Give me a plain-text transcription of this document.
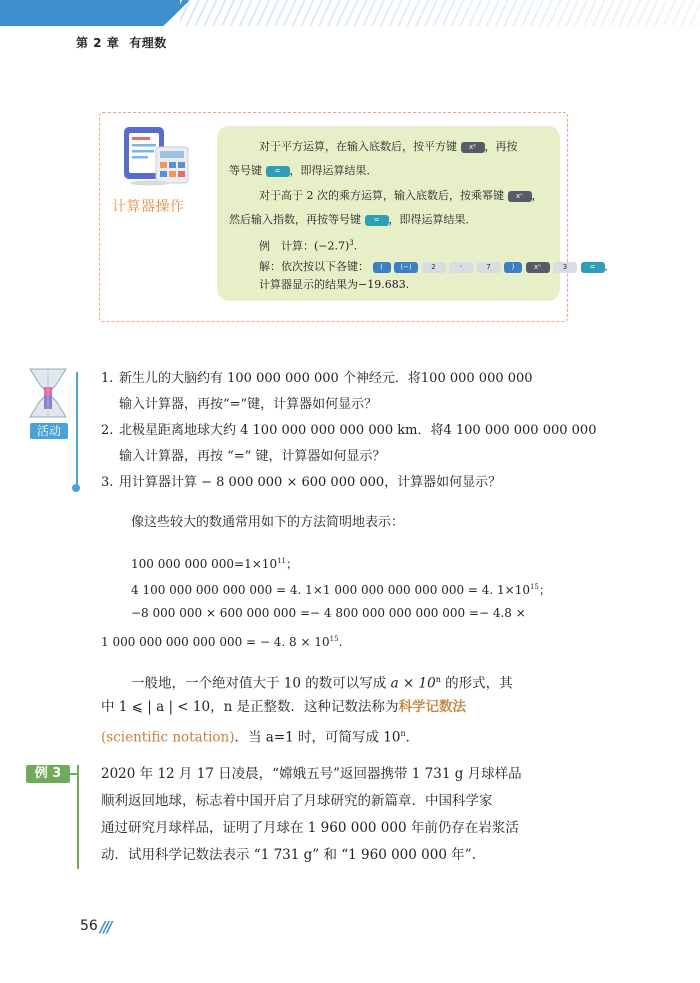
第 2 章 有理数
计算器操作
对于平方运算，在输入底数后，按平方键 x² ，再按
等号键 = ，即得运算结果．
对于高于 2 次的乘方运算，输入底数后，按乘幂键 xⁿ ，
然后输入指数，再按等号键 = ，即得运算结果．
例　计算：$(-2.7)^3$.
解：依次按以下各键： ( (−)	2	·	7	)	xⁿ	3	= ．
计算器显示的结果为−19.683.
活动
1. 新生儿的大脑约有 100 000 000 000 个神经元．将100 000 000 000
输入计算器，再按“=”键，计算器如何显示？
2. 北极星距离地球大约 4 100 000 000 000 000 km．将4 100 000 000 000 000
输入计算器，再按 “=” 键，计算器如何显示？
3. 用计算器计算 − 8 000 000 × 600 000 000，计算器如何显示？
像这些较大的数通常用如下的方法简明地表示：
100 000 000 $000=1\times 10^{11}$；
4 100 000 000 000 000 = 4. 1×1 000 000 000 000 000 = 4. $1\times 10^{15}$；
−8 000 000 × 600 000 000 =− 4 800 000 000 000 000 =− 4.8 ×
1 000 000 000 000 000 = − 4. $8 \times 10^{15}$.
一般地，一个绝对值大于 10 的数可以写成 $a \times 10^n$ 的形式，其
中 1 ⩽ | a | < 10，n 是正整数．这种记数法称为科学记数法
(scientific notation)．当 a=1 时，可简写成 10$^n$．
例 3	2020 年 12 月 17 日凌晨，“嫦娥五号”返回器携带 1 731 g 月球样品
顺利返回地球，标志着中国开启了月球研究的新篇章．中国科学家
通过研究月球样品，证明了月球在 1 960 000 000 年前仍存在岩浆活
动．试用科学记数法表示 “1 731 g” 和 “1 960 000 000 年”.
56 ///
